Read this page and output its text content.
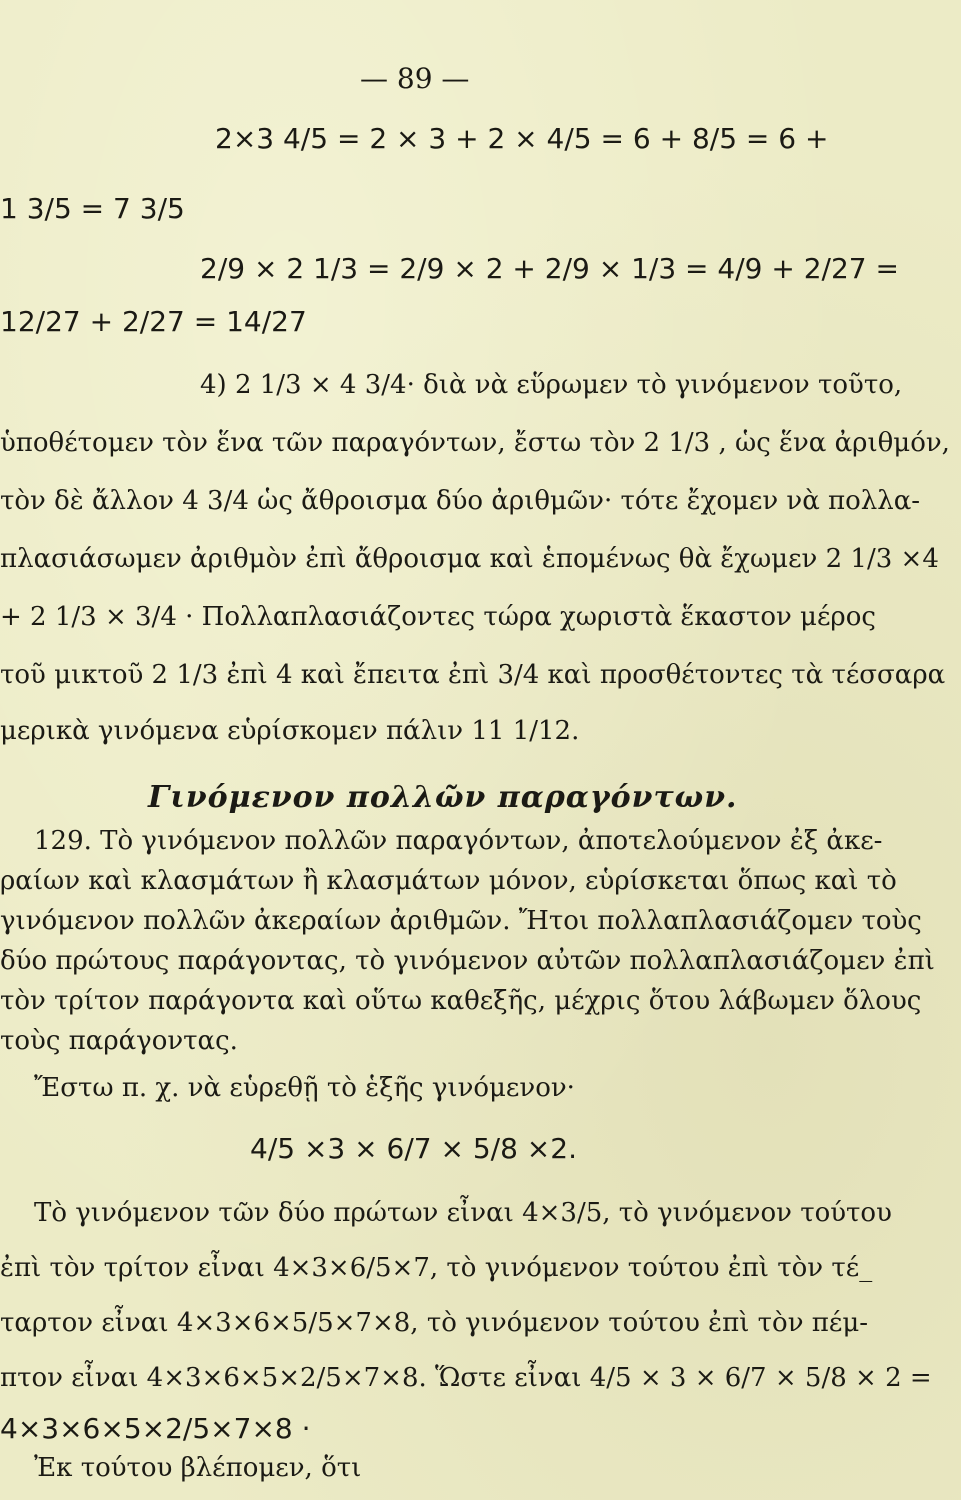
— 89 —
2×3 4/5 = 2 × 3 + 2 × 4/5 = 6 + 8/5 = 6 +
1 3/5 = 7 3/5
2/9 × 2 1/3 = 2/9 × 2 + 2/9 × 1/3 = 4/9 + 2/27 =
12/27 + 2/27 = 14/27
4) 2 1/3 × 4 3/4· διὰ νὰ εὕρωμεν τὸ γινόμενον τοῦτο,
ὑποθέτομεν τὸν ἕνα τῶν παραγόντων, ἔστω τὸν 2 1/3 , ὡς ἕνα ἀριθμόν,
τὸν δὲ ἄλλον 4 3/4 ὡς ἄθροισμα δύο ἀριθμῶν· τότε ἔχομεν νὰ πολλα-
πλασιάσωμεν ἀριθμὸν ἐπὶ ἄθροισμα καὶ ἑπομένως θὰ ἔχωμεν 2 1/3 ×4
+ 2 1/3 × 3/4 · Πολλαπλασιάζοντες τώρα χωριστὰ ἕκαστον μέρος
τοῦ μικτοῦ 2 1/3 ἐπὶ 4 καὶ ἔπειτα ἐπὶ 3/4 καὶ προσθέτοντες τὰ τέσσαρα
μερικὰ γινόμενα εὑρίσκομεν πάλιν 11 1/12.
Γινόμενον πολλῶν παραγόντων.
129. Τὸ γινόμενον πολλῶν παραγόντων, ἀποτελούμενον ἐξ ἀκε-
ραίων καὶ κλασμάτων ἢ κλασμάτων μόνον, εὑρίσκεται ὅπως καὶ τὸ
γινόμενον πολλῶν ἀκεραίων ἀριθμῶν. Ἤτοι πολλαπλασιάζομεν τοὺς
δύο πρώτους παράγοντας, τὸ γινόμενον αὐτῶν πολλαπλασιάζομεν ἐπὶ
τὸν τρίτον παράγοντα καὶ οὕτω καθεξῆς, μέχρις ὅτου λάβωμεν ὅλους
τοὺς παράγοντας.
Ἔστω π. χ. νὰ εὑρεθῇ τὸ ἑξῆς γινόμενον·
4/5 ×3 × 6/7 × 5/8 ×2.
Τὸ γινόμενον τῶν δύο πρώτων εἶναι 4×3/5, τὸ γινόμενον τούτου
ἐπὶ τὸν τρίτον εἶναι 4×3×6/5×7, τὸ γινόμενον τούτου ἐπὶ τὸν τέ_
ταρτον εἶναι 4×3×6×5/5×7×8, τὸ γινόμενον τούτου ἐπὶ τὸν πέμ-
πτον εἶναι 4×3×6×5×2/5×7×8. Ὥστε εἶναι 4/5 × 3 × 6/7 × 5/8 × 2 =
4×3×6×5×2/5×7×8 ·
Ἐκ τούτου βλέπομεν, ὅτι
